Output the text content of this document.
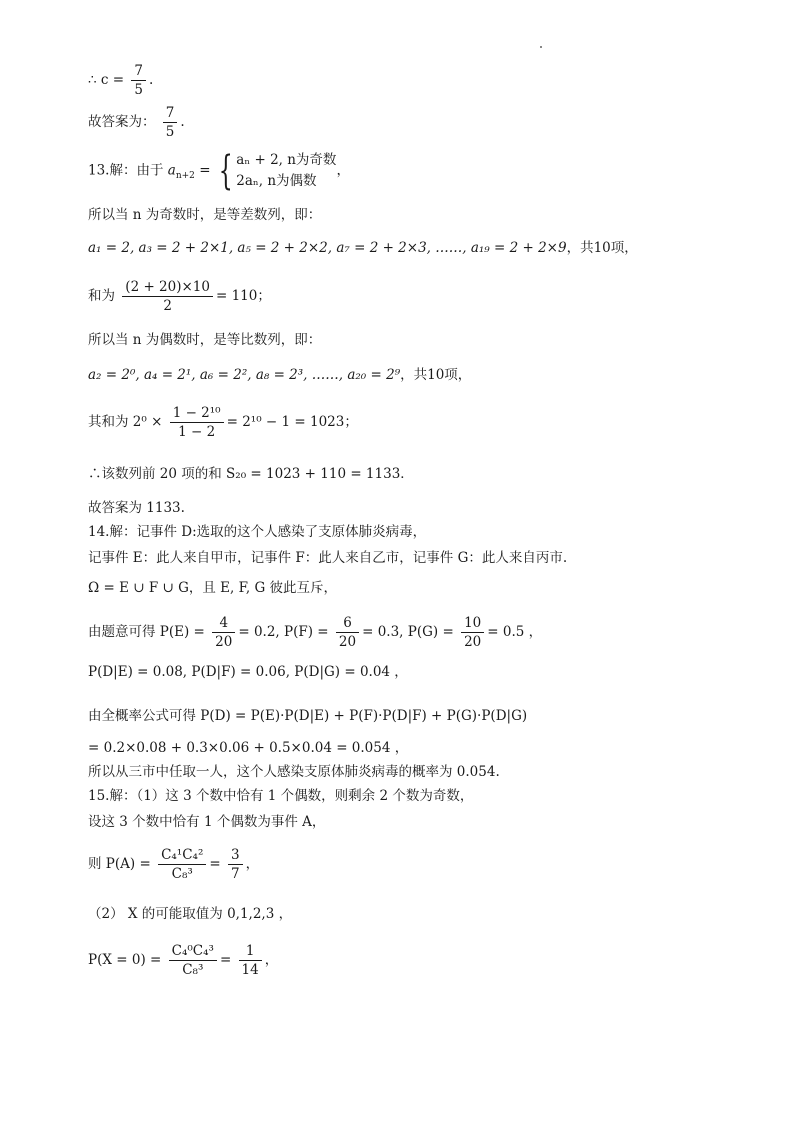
∴ $c = \frac{7}{5}$ .
故答案为： $\frac{7}{5}$ .
13.解：由于 $a_{n+2}$ = { aₙ + 2, n为奇数
2aₙ, n为偶数
，
所以当 n 为奇数时，是等差数列，即：
a₁ = 2, a₃ = 2 + 2×1, a₅ = 2 + 2×2, a₇ = 2 + 2×3, ……, a₁₉ = 2 + 2×9，共10项，
和为 $\frac{(2 + 20)\times 10}{2} = 110$；
所以当 n 为偶数时，是等比数列，即：
a₂ = 2⁰, a₄ = 2¹, a₆ = 2², a₈ = 2³, ……, a₂₀ = 2⁹，共10项，
其和为 $2^0 \times \frac{\text{1 − 2¹⁰}}{1 - 2} = 2^{10} - 1 = 1023$；
∴该数列前 20 项的和 S₂₀ = 1023 + 110 = 1133．
故答案为 1133.
14.解：记事件 D:选取的这个人感染了支原体肺炎病毒，
记事件 E：此人来自甲市，记事件 F：此人来自乙市，记事件 G：此人来自丙市.
Ω = E ∪ F ∪ G，且 E, F, G 彼此互斥，
由题意可得 $P(E) = \frac{4}{20} = 0.2$, $P(F) = \frac{6}{20} = 0.3$, $P(G) = \frac{10}{20} = 0.5$ ，
P(D|E) = 0.08, P(D|F) = 0.06, P(D|G) = 0.04 ，
由全概率公式可得 P(D) = P(E)·P(D|E) + P(F)·P(D|F) + P(G)·P(D|G)
= 0.2×0.08 + 0.3×0.06 + 0.5×0.04 = 0.054 ，
所以从三市中任取一人，这个人感染支原体肺炎病毒的概率为 0.054.
15.解：（1）这 3 个数中恰有 1 个偶数，则剩余 2 个数为奇数，
设这 3 个数中恰有 1 个偶数为事件 A，
则 $P(A) = \frac{\text{C₄¹C₄²}}{\text{C₈³}} = \frac{3}{7}$ ，
（2） X 的可能取值为 0,1,2,3 ，
$P(X = 0) = \frac{\text{C₄⁰C₄³}}{\text{C₈³}} = \frac{1}{14}$ ，
